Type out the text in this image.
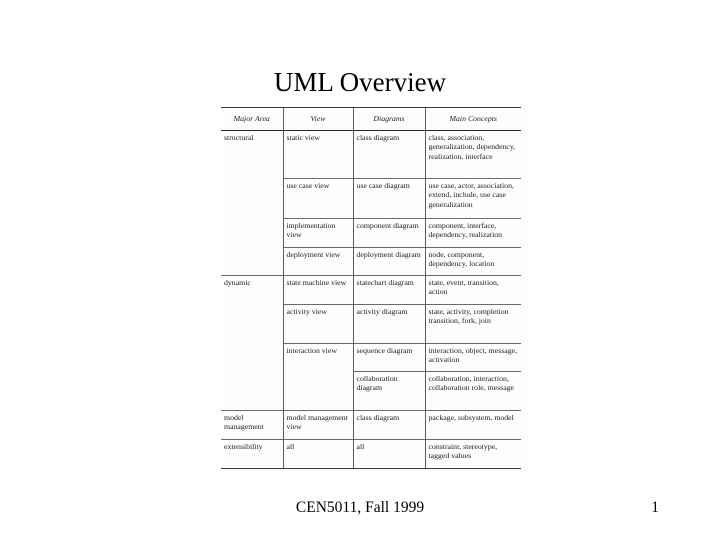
UML Overview
Major Area	View	Diagrams	Main Concepts
structural	static view	class diagram	class, association, generalization, dependency, realization, interface
	use case view	use case diagram	use case, actor, association, extend, include, use case generalization
	implementation view	component diagram	component, interface, dependency, realization
	deployment view	deployment diagram	node, component, dependency, location
dynamic	state machine view	statechart diagram	state, event, transition, action
	activity view	activity diagram	state, activity, completion transition, fork, join
	interaction view	sequence diagram	interaction, object, message, activation
		collaboration diagram	collaboration, interaction, collaboration role, message
model management	model management view	class diagram	package, subsystem, model
extensibility	all	all	constraint, stereotype, tagged values
CEN5011, Fall 1999	1
